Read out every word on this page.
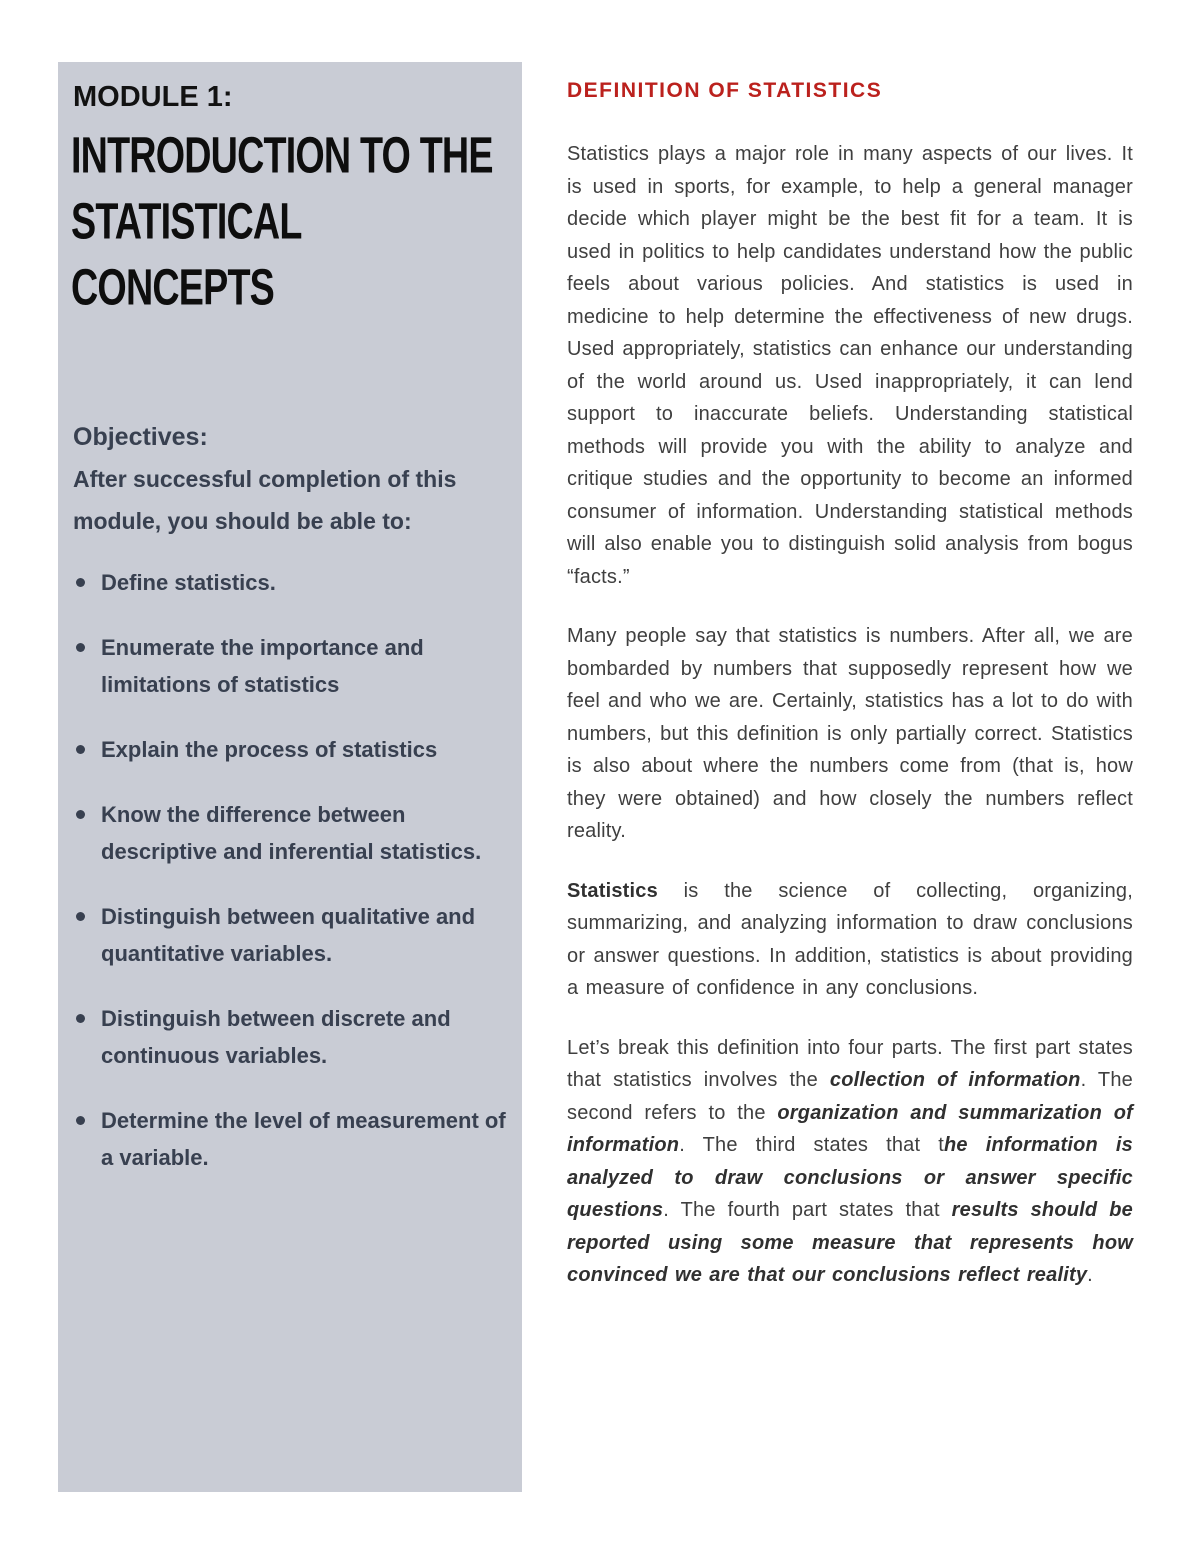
MODULE 1:
INTRODUCTION TO THE
STATISTICAL
CONCEPTS
Objectives:
After successful completion of this module, you should be able to:
Define statistics.
Enumerate the importance and limitations of statistics
Explain the process of statistics
Know the difference between descriptive and inferential statistics.
Distinguish between qualitative and quantitative variables.
Distinguish between discrete and continuous variables.
Determine the level of measurement of a variable.
DEFINITION OF STATISTICS

Statistics plays a major role in many aspects of our lives. It is used in sports, for example, to help a general manager decide which player might be the best fit for a team. It is used in politics to help candidates understand how the public feels about various policies. And statistics is used in medicine to help determine the effectiveness of new drugs. Used appropriately, statistics can enhance our understanding of the world around us. Used inappropriately, it can lend support to inaccurate beliefs. Understanding statistical methods will provide you with the ability to analyze and critique studies and the opportunity to become an informed consumer of information. Understanding statistical methods will also enable you to distinguish solid analysis from bogus “facts.”

Many people say that statistics is numbers. After all, we are bombarded by numbers that supposedly represent how we feel and who we are. Certainly, statistics has a lot to do with numbers, but this definition is only partially correct. Statistics is also about where the numbers come from (that is, how they were obtained) and how closely the numbers reflect reality.

Statistics is the science of collecting, organizing, summarizing, and analyzing information to draw conclusions or answer questions. In addition, statistics is about providing a measure of confidence in any conclusions.

Let’s break this definition into four parts. The first part states that statistics involves the collection of information. The second refers to the organization and summarization of information. The third states that the information is analyzed to draw conclusions or answer specific questions. The fourth part states that results should be reported using some measure that represents how convinced we are that our conclusions reflect reality.
